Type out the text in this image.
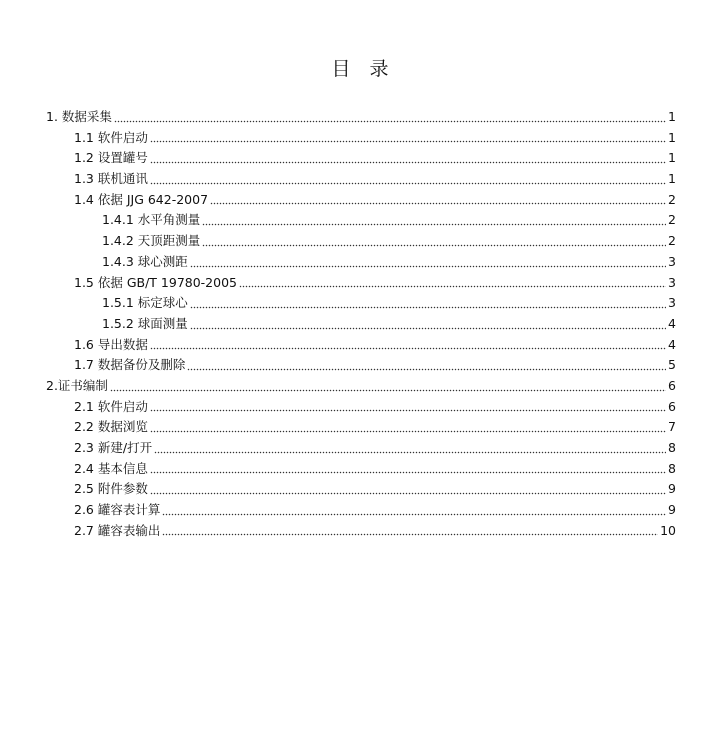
目　录
1. 数据采集	1
1.1 软件启动	1
1.2 设置罐号	1
1.3 联机通讯	1
1.4 依据 JJG 642-2007	2
1.4.1 水平角测量	2
1.4.2 天顶距测量	2
1.4.3 球心测距	3
1.5 依据 GB/T 19780-2005	3
1.5.1 标定球心	3
1.5.2 球面测量	4
1.6 导出数据	4
1.7 数据备份及删除	5
2.证书编制	6
2.1 软件启动	6
2.2 数据浏览	7
2.3 新建/打开	8
2.4 基本信息	8
2.5 附件参数	9
2.6 罐容表计算	9
2.7 罐容表输出	10
